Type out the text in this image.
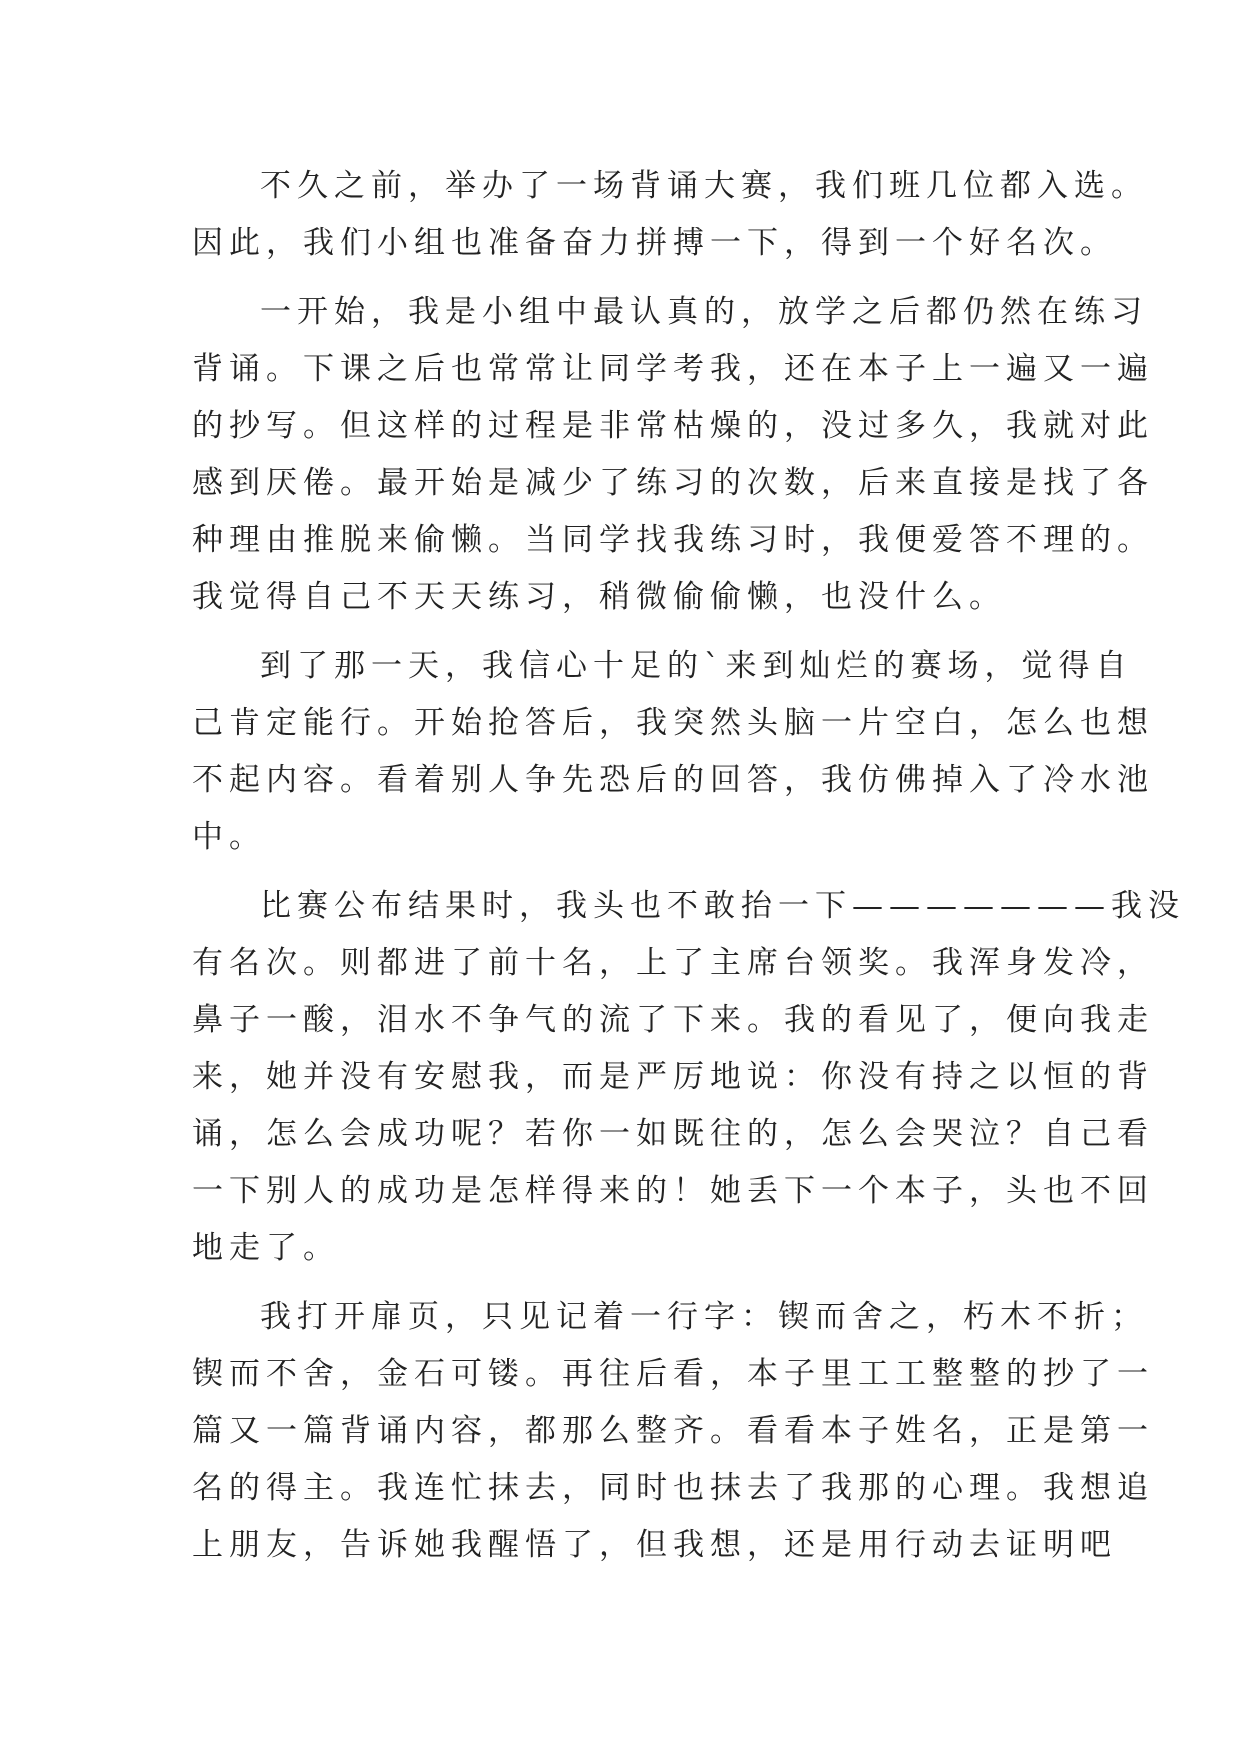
不久之前，举办了一场背诵大赛，我们班几位都入选。
因此，我们小组也准备奋力拼搏一下，得到一个好名次。
一开始，我是小组中最认真的，放学之后都仍然在练习
背诵。下课之后也常常让同学考我，还在本子上一遍又一遍
的抄写。但这样的过程是非常枯燥的，没过多久，我就对此
感到厌倦。最开始是减少了练习的次数，后来直接是找了各
种理由推脱来偷懒。当同学找我练习时，我便爱答不理的。
我觉得自己不天天练习，稍微偷偷懒，也没什么。
到了那一天，我信心十足的`来到灿烂的赛场，觉得自
己肯定能行。开始抢答后，我突然头脑一片空白，怎么也想
不起内容。看着别人争先恐后的回答，我仿佛掉入了冷水池
中。
比赛公布结果时，我头也不敢抬一下———————我没
有名次。则都进了前十名，上了主席台领奖。我浑身发冷，
鼻子一酸，泪水不争气的流了下来。我的看见了，便向我走
来，她并没有安慰我，而是严厉地说：你没有持之以恒的背
诵，怎么会成功呢？若你一如既往的，怎么会哭泣？自己看
一下别人的成功是怎样得来的！她丢下一个本子，头也不回
地走了。
我打开扉页，只见记着一行字：锲而舍之，朽木不折；
锲而不舍，金石可镂。再往后看，本子里工工整整的抄了一
篇又一篇背诵内容，都那么整齐。看看本子姓名，正是第一
名的得主。我连忙抹去，同时也抹去了我那的心理。我想追
上朋友，告诉她我醒悟了，但我想，还是用行动去证明吧
